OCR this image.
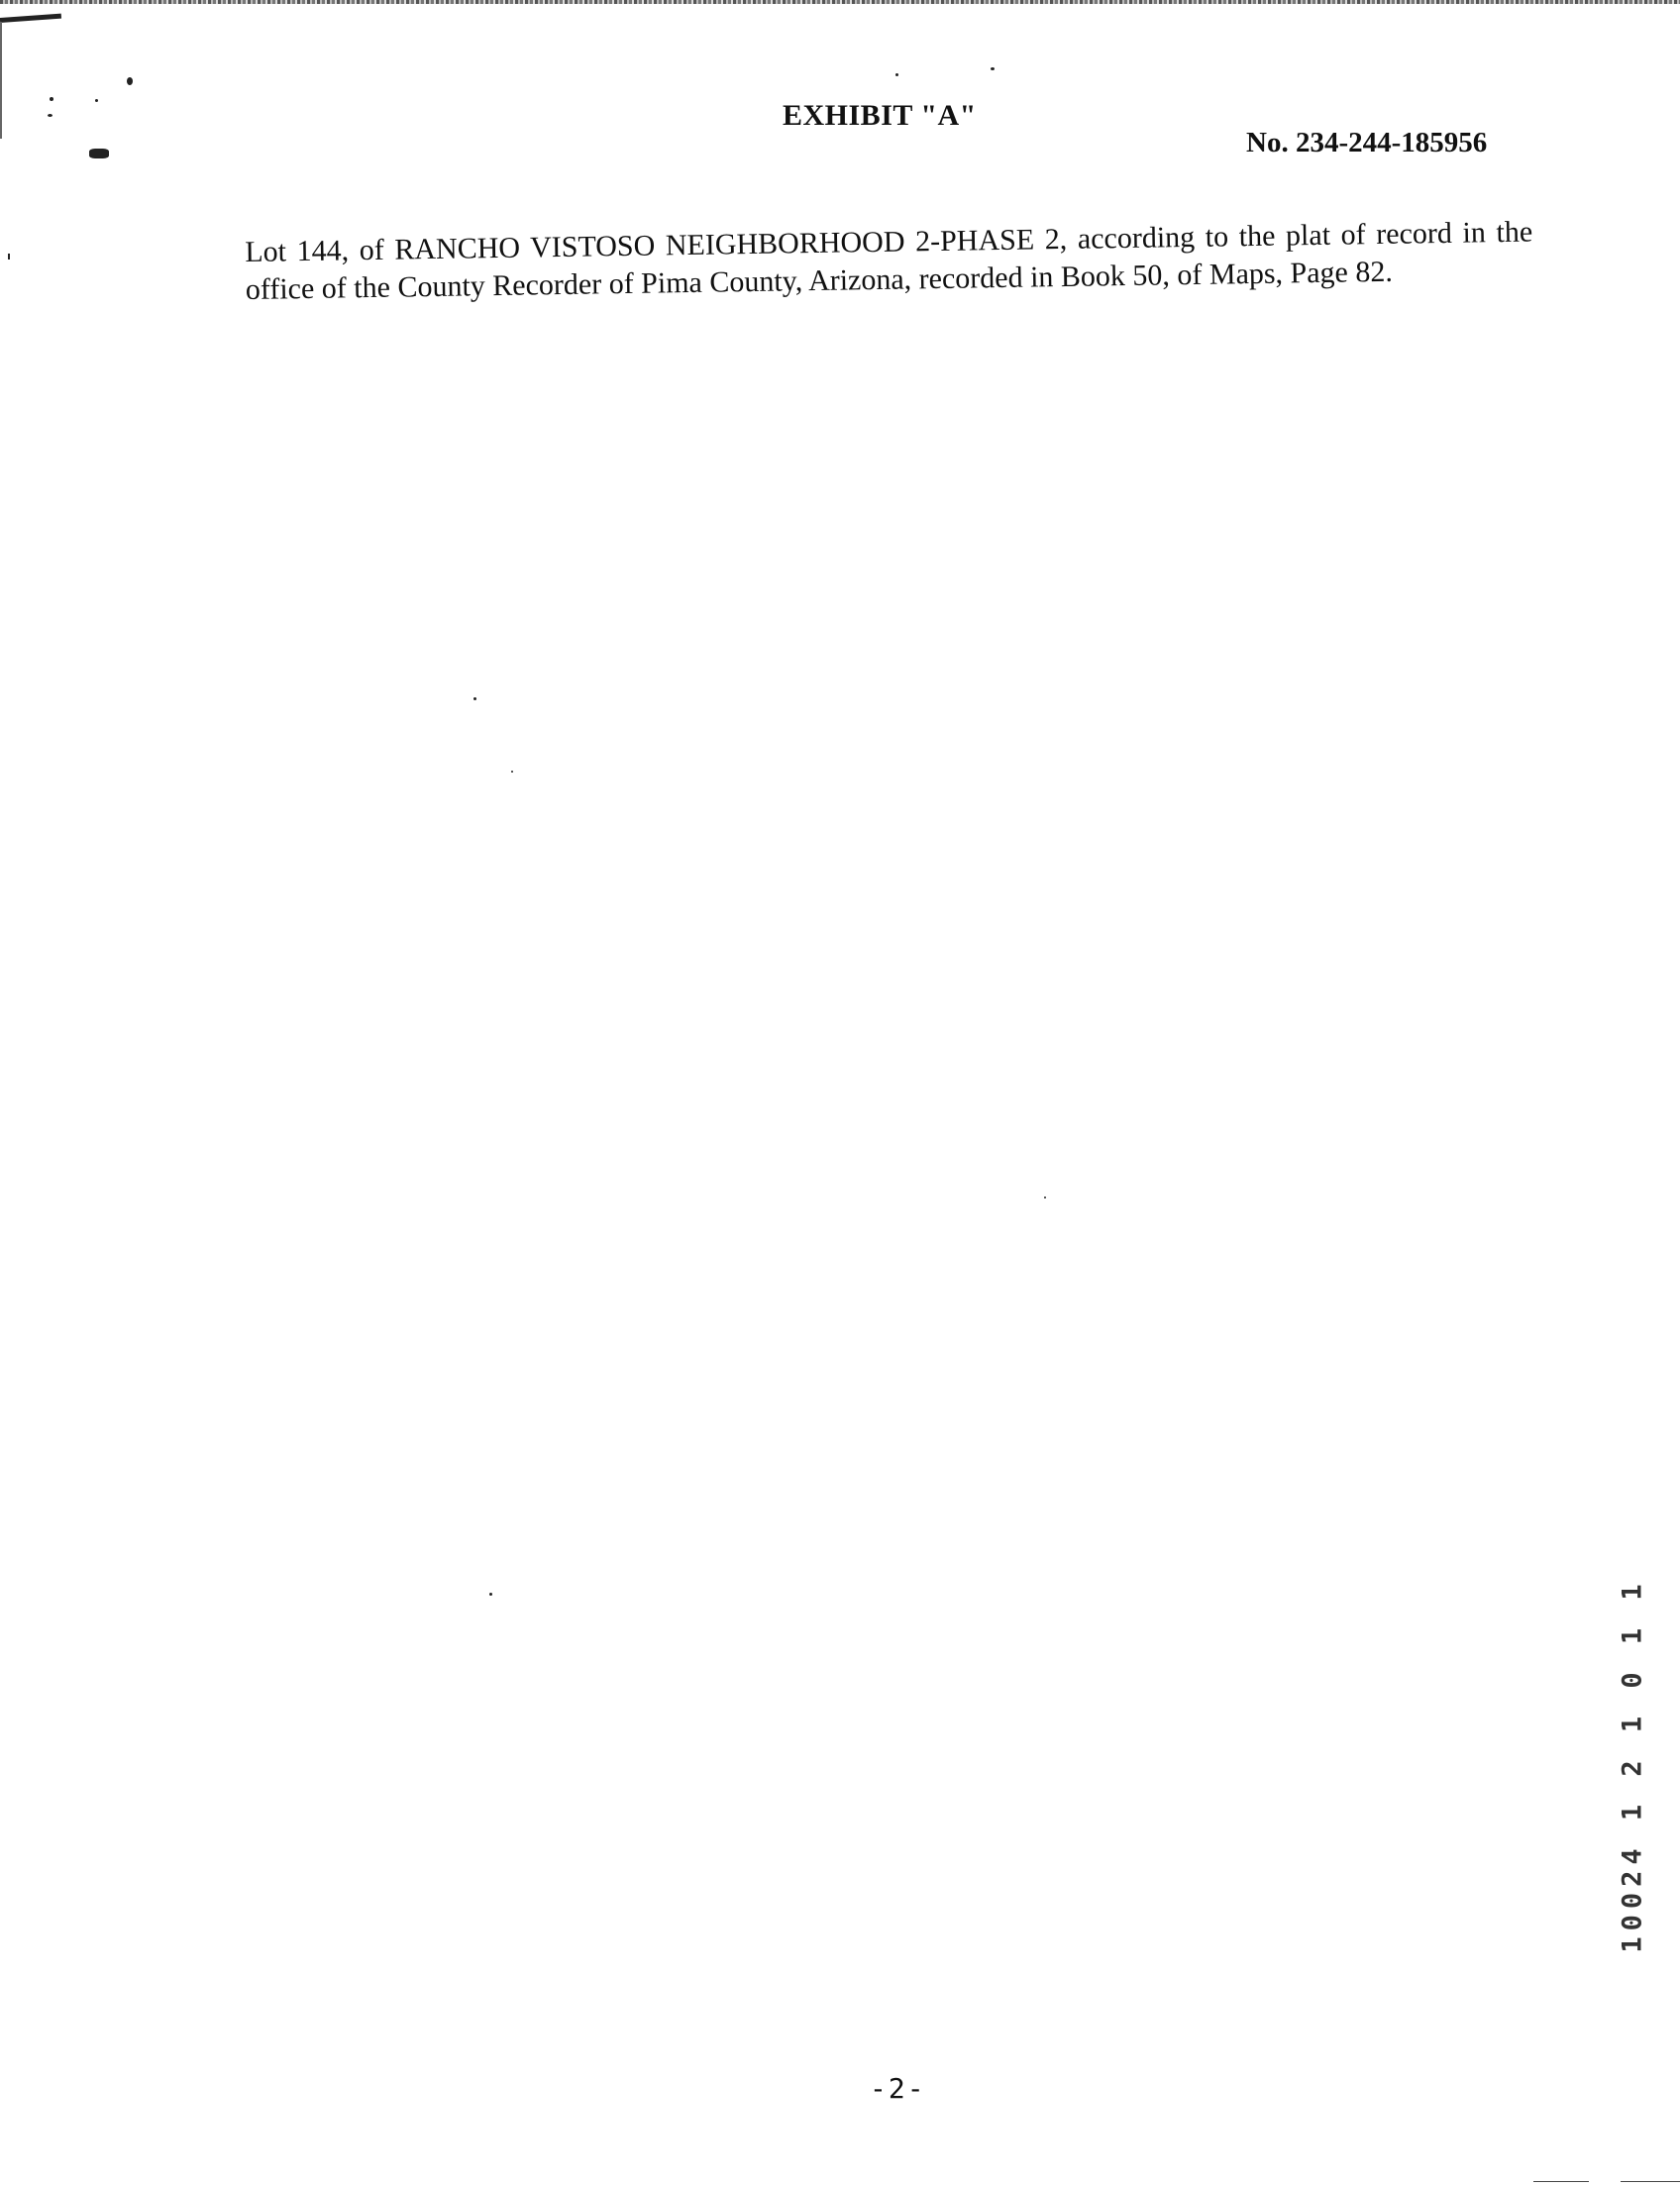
EXHIBIT "A"
No. 234-244-185956
Lot 144, of RANCHO VISTOSO NEIGHBORHOOD 2-PHASE 2, according to the plat of record in the office of the County Recorder of Pima County, Arizona, recorded in Book 50, of Maps, Page 82.
10024 1 2 1 0 1 1
-2-
